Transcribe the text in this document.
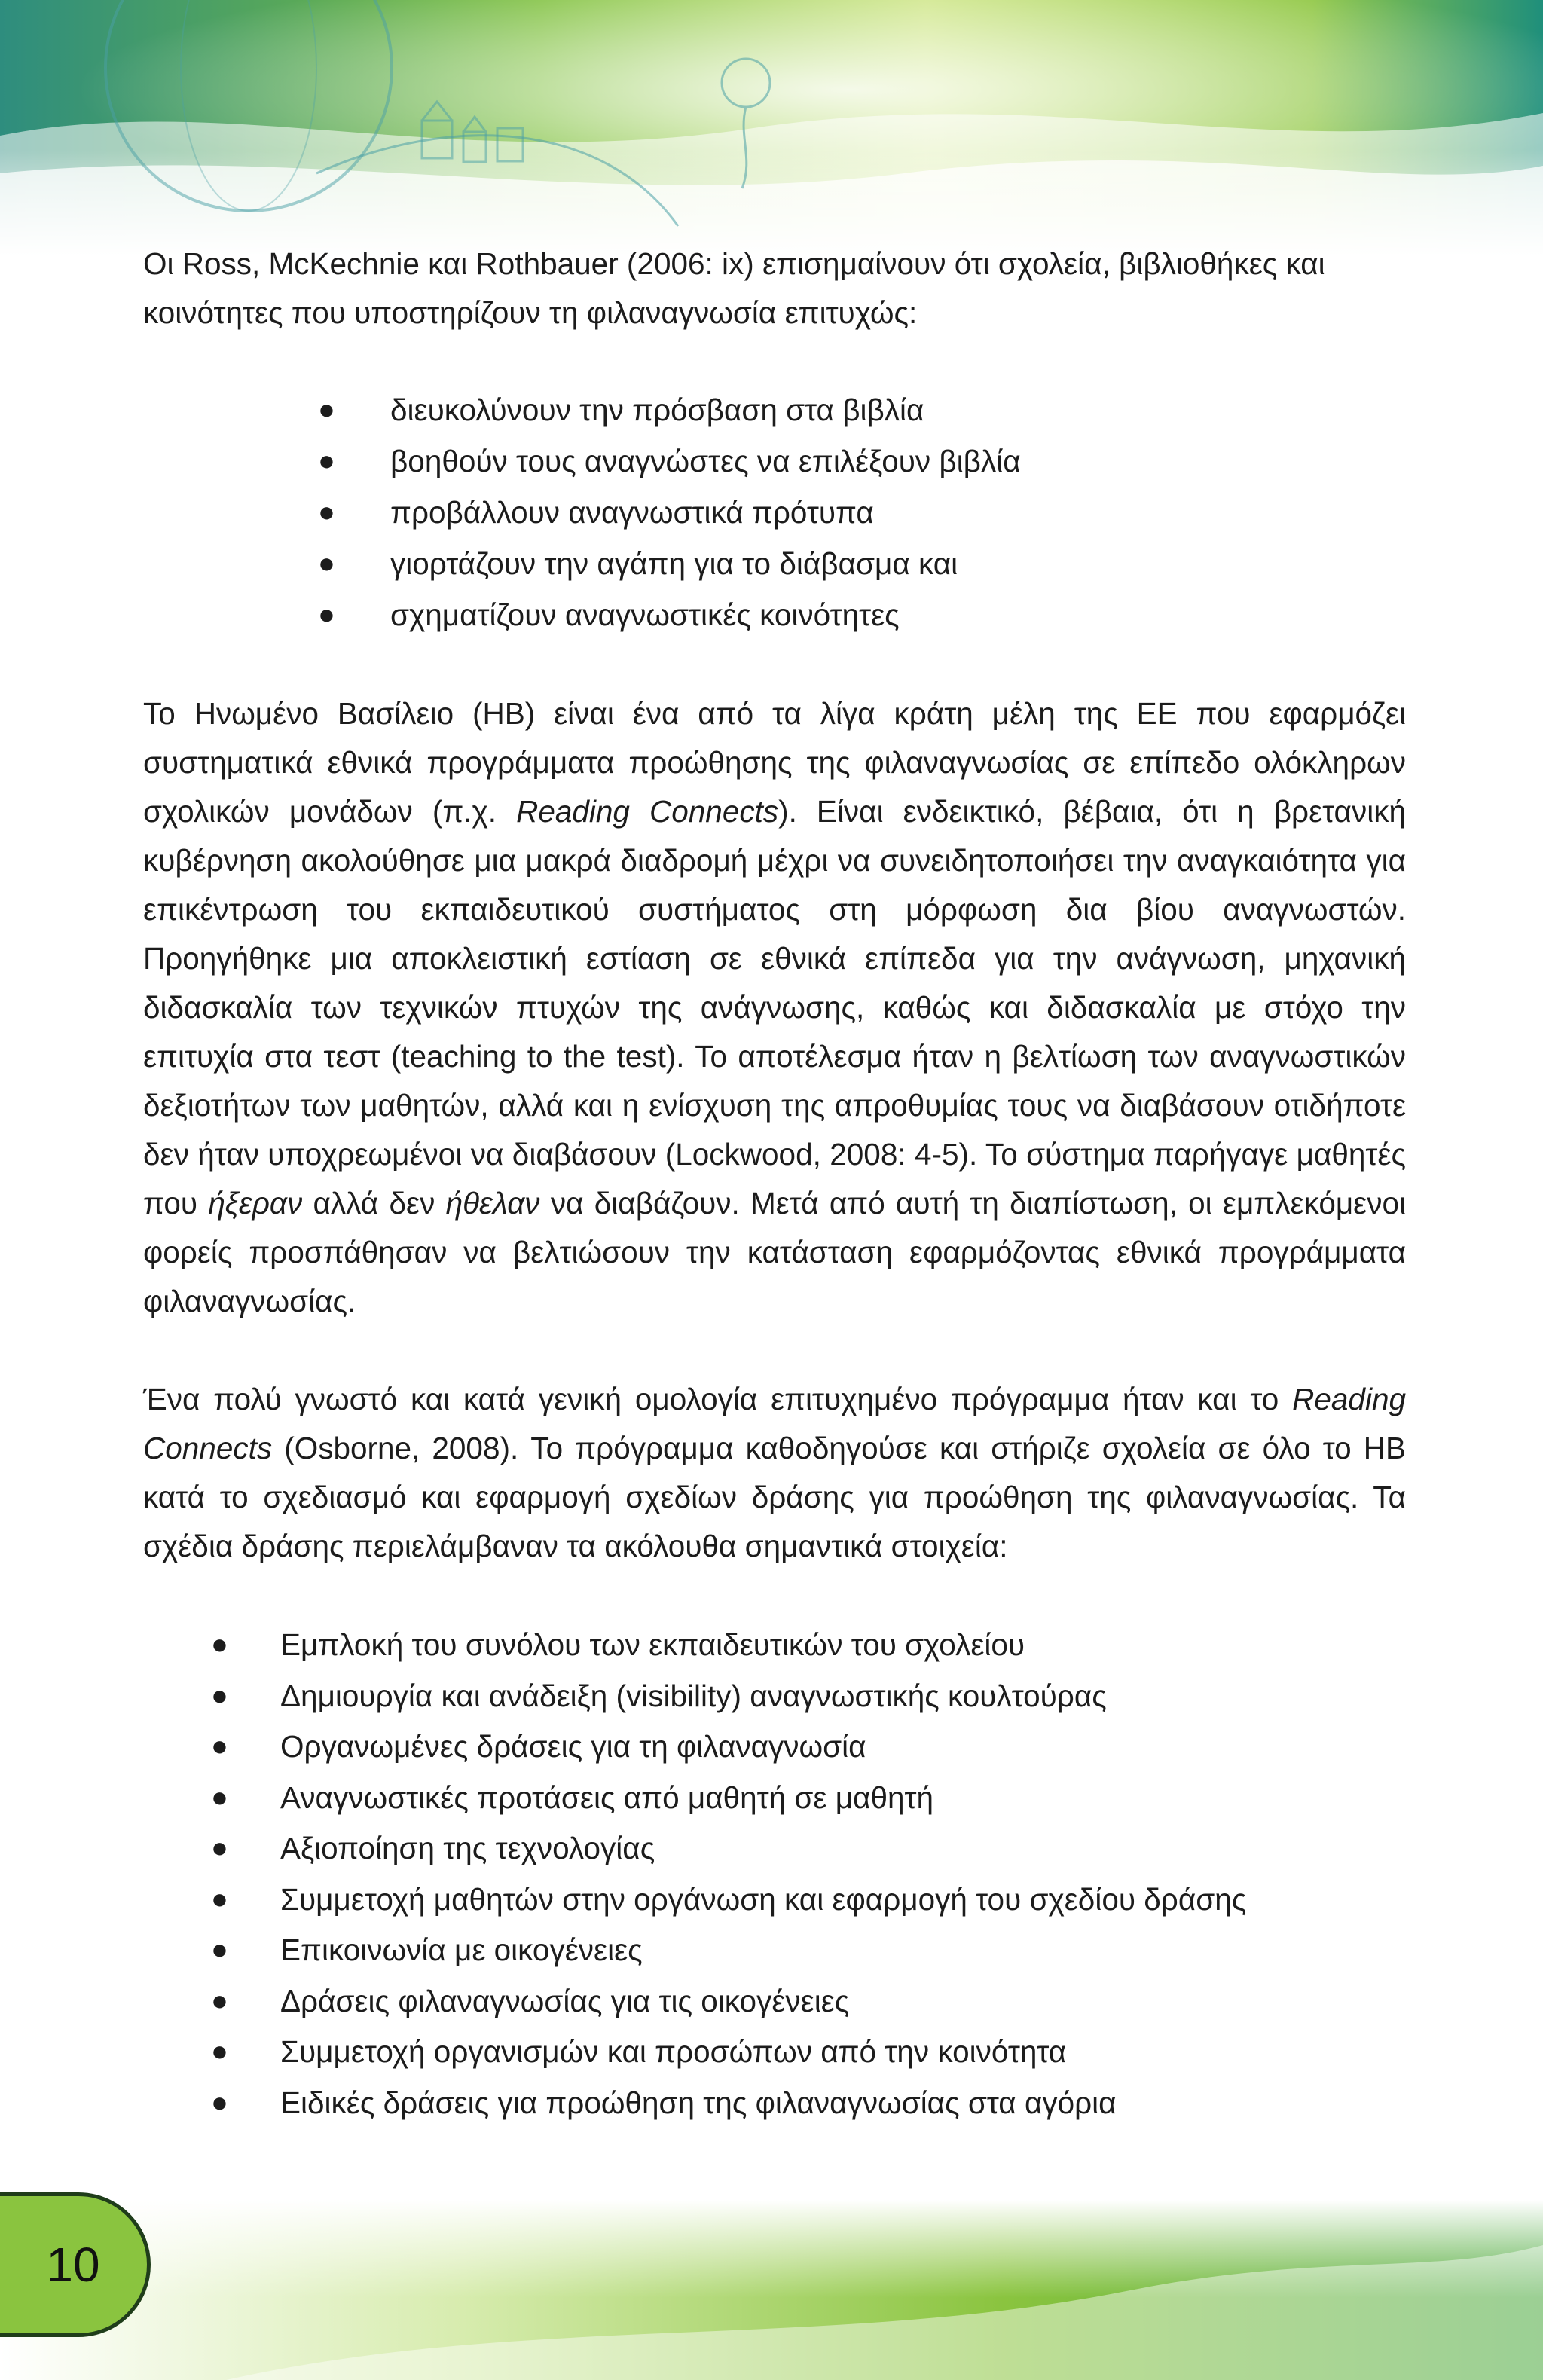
Οι Ross, McKechnie και Rothbauer (2006: ix) επισημαίνουν ότι σχολεία, βιβλιοθήκες και κοινότητες που υποστηρίζουν τη φιλαναγνωσία επιτυχώς:

● διευκολύνουν την πρόσβαση στα βιβλία
● βοηθούν τους αναγνώστες να επιλέξουν βιβλία
● προβάλλουν αναγνωστικά πρότυπα
● γιορτάζουν την αγάπη για το διάβασμα και
● σχηματίζουν αναγνωστικές κοινότητες

Το Ηνωμένο Βασίλειο (ΗΒ) είναι ένα από τα λίγα κράτη μέλη της ΕΕ που εφαρμόζει συστηματικά εθνικά προγράμματα προώθησης της φιλαναγνωσίας σε επίπεδο ολόκληρων σχολικών μονάδων (π.χ. Reading Connects). Είναι ενδεικτικό, βέβαια, ότι η βρετανική κυβέρνηση ακολούθησε μια μακρά διαδρομή μέχρι να συνειδητοποιήσει την αναγκαιότητα για επικέντρωση του εκπαιδευτικού συστήματος στη μόρφωση δια βίου αναγνωστών. Προηγήθηκε μια αποκλειστική εστίαση σε εθνικά επίπεδα για την ανάγνωση, μηχανική διδασκαλία των τεχνικών πτυχών της ανάγνωσης, καθώς και διδασκαλία με στόχο την επιτυχία στα τεστ (teaching to the test). Το αποτέλεσμα ήταν η βελτίωση των αναγνωστικών δεξιοτήτων των μαθητών, αλλά και η ενίσχυση της απροθυμίας τους να διαβάσουν οτιδήποτε δεν ήταν υποχρεωμένοι να διαβάσουν (Lockwood, 2008: 4-5). Το σύστημα παρήγαγε μαθητές που ήξεραν αλλά δεν ήθελαν να διαβάζουν. Μετά από αυτή τη διαπίστωση, οι εμπλεκόμενοι φορείς προσπάθησαν να βελτιώσουν την κατάσταση εφαρμόζοντας εθνικά προγράμματα φιλαναγνωσίας.

Ένα πολύ γνωστό και κατά γενική ομολογία επιτυχημένο πρόγραμμα ήταν και το Reading Connects (Osborne, 2008). Το πρόγραμμα καθοδηγούσε και στήριζε σχολεία σε όλο το ΗΒ κατά το σχεδιασμό και εφαρμογή σχεδίων δράσης για προώθηση της φιλαναγνωσίας. Τα σχέδια δράσης περιελάμβαναν τα ακόλουθα σημαντικά στοιχεία:

● Εμπλοκή του συνόλου των εκπαιδευτικών του σχολείου
● Δημιουργία και ανάδειξη (visibility) αναγνωστικής κουλτούρας
● Οργανωμένες δράσεις για τη φιλαναγνωσία
● Αναγνωστικές προτάσεις από μαθητή σε μαθητή
● Αξιοποίηση της τεχνολογίας
● Συμμετοχή μαθητών στην οργάνωση και εφαρμογή του σχεδίου δράσης
● Επικοινωνία με οικογένειες
● Δράσεις φιλαναγνωσίας για τις οικογένειες
● Συμμετοχή οργανισμών και προσώπων από την κοινότητα
● Ειδικές δράσεις για προώθηση της φιλαναγνωσίας στα αγόρια
10
